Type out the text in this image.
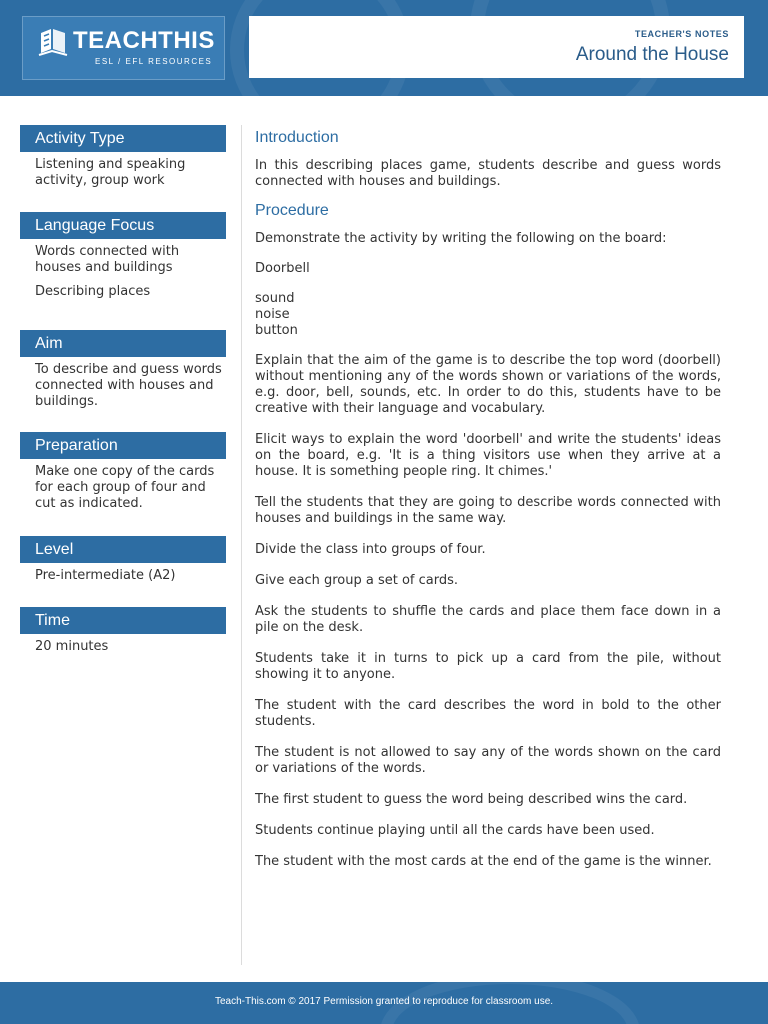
TEACHTHIS
ESL / EFL RESOURCES
TEACHER'S NOTES
Around the House
Activity Type

Listening and speaking activity, group work

Language Focus

Words connected with houses and buildings

Describing places

Aim

To describe and guess words connected with houses and buildings.

Preparation

Make one copy of the cards for each group of four and cut as indicated.

Level

Pre-intermediate (A2)

Time

20 minutes

Introduction

In this describing places game, students describe and guess words connected with houses and buildings.

Procedure

Demonstrate the activity by writing the following on the board:

Doorbell

sound
noise
button

Explain that the aim of the game is to describe the top word (doorbell) without mentioning any of the words shown or variations of the words, e.g. door, bell, sounds, etc. In order to do this, students have to be creative with their language and vocabulary.

Elicit ways to explain the word 'doorbell' and write the students' ideas on the board, e.g. 'It is a thing visitors use when they arrive at a house. It is something people ring. It chimes.'

Tell the students that they are going to describe words connected with houses and buildings in the same way.

Divide the class into groups of four.

Give each group a set of cards.

Ask the students to shuffle the cards and place them face down in a pile on the desk.

Students take it in turns to pick up a card from the pile, without showing it to anyone.

The student with the card describes the word in bold to the other students.

The student is not allowed to say any of the words shown on the card or variations of the words.

The first student to guess the word being described wins the card.

Students continue playing until all the cards have been used.

The student with the most cards at the end of the game is the winner.

Teach-This.com © 2017 Permission granted to reproduce for classroom use.
